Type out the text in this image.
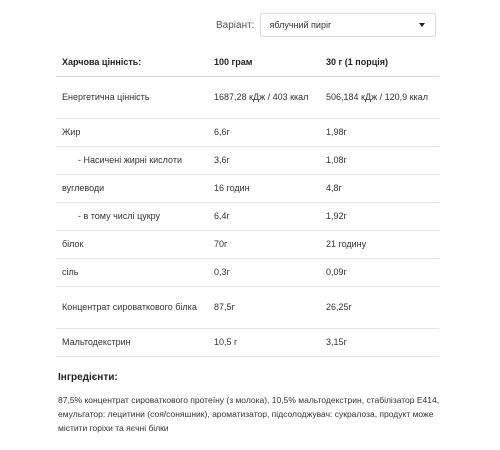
Варіант: яблучний пиріг
Харчова цінність:	100 грам	30 г (1 порція)
Енергетична цінність	1687,28 кДж / 403 ккал	506,184 кДж / 120,9 ккал
Жир	6,6г	1,98г
- Насичені жирні кислоти	3,6г	1,08г
вуглеводи	16 годин	4,8г
- в тому числі цукру	6,4г	1,92г
білок	70г	21 годину
сіль	0,3г	0,09г
Концентрат сироваткового білка	87,5г	26,25г
Мальтодекстрин	10,5 г	3,15г

Інгредієнти:

87,5% концентрат сироваткового протеїну (з молока), 10,5% мальтодекстрин, стабілізатор E414, емульгатор: лецитини (соя/соняшник), ароматизатор, підсолоджувач: сукралоза, продукт може містити горіхи та яєчні білки
